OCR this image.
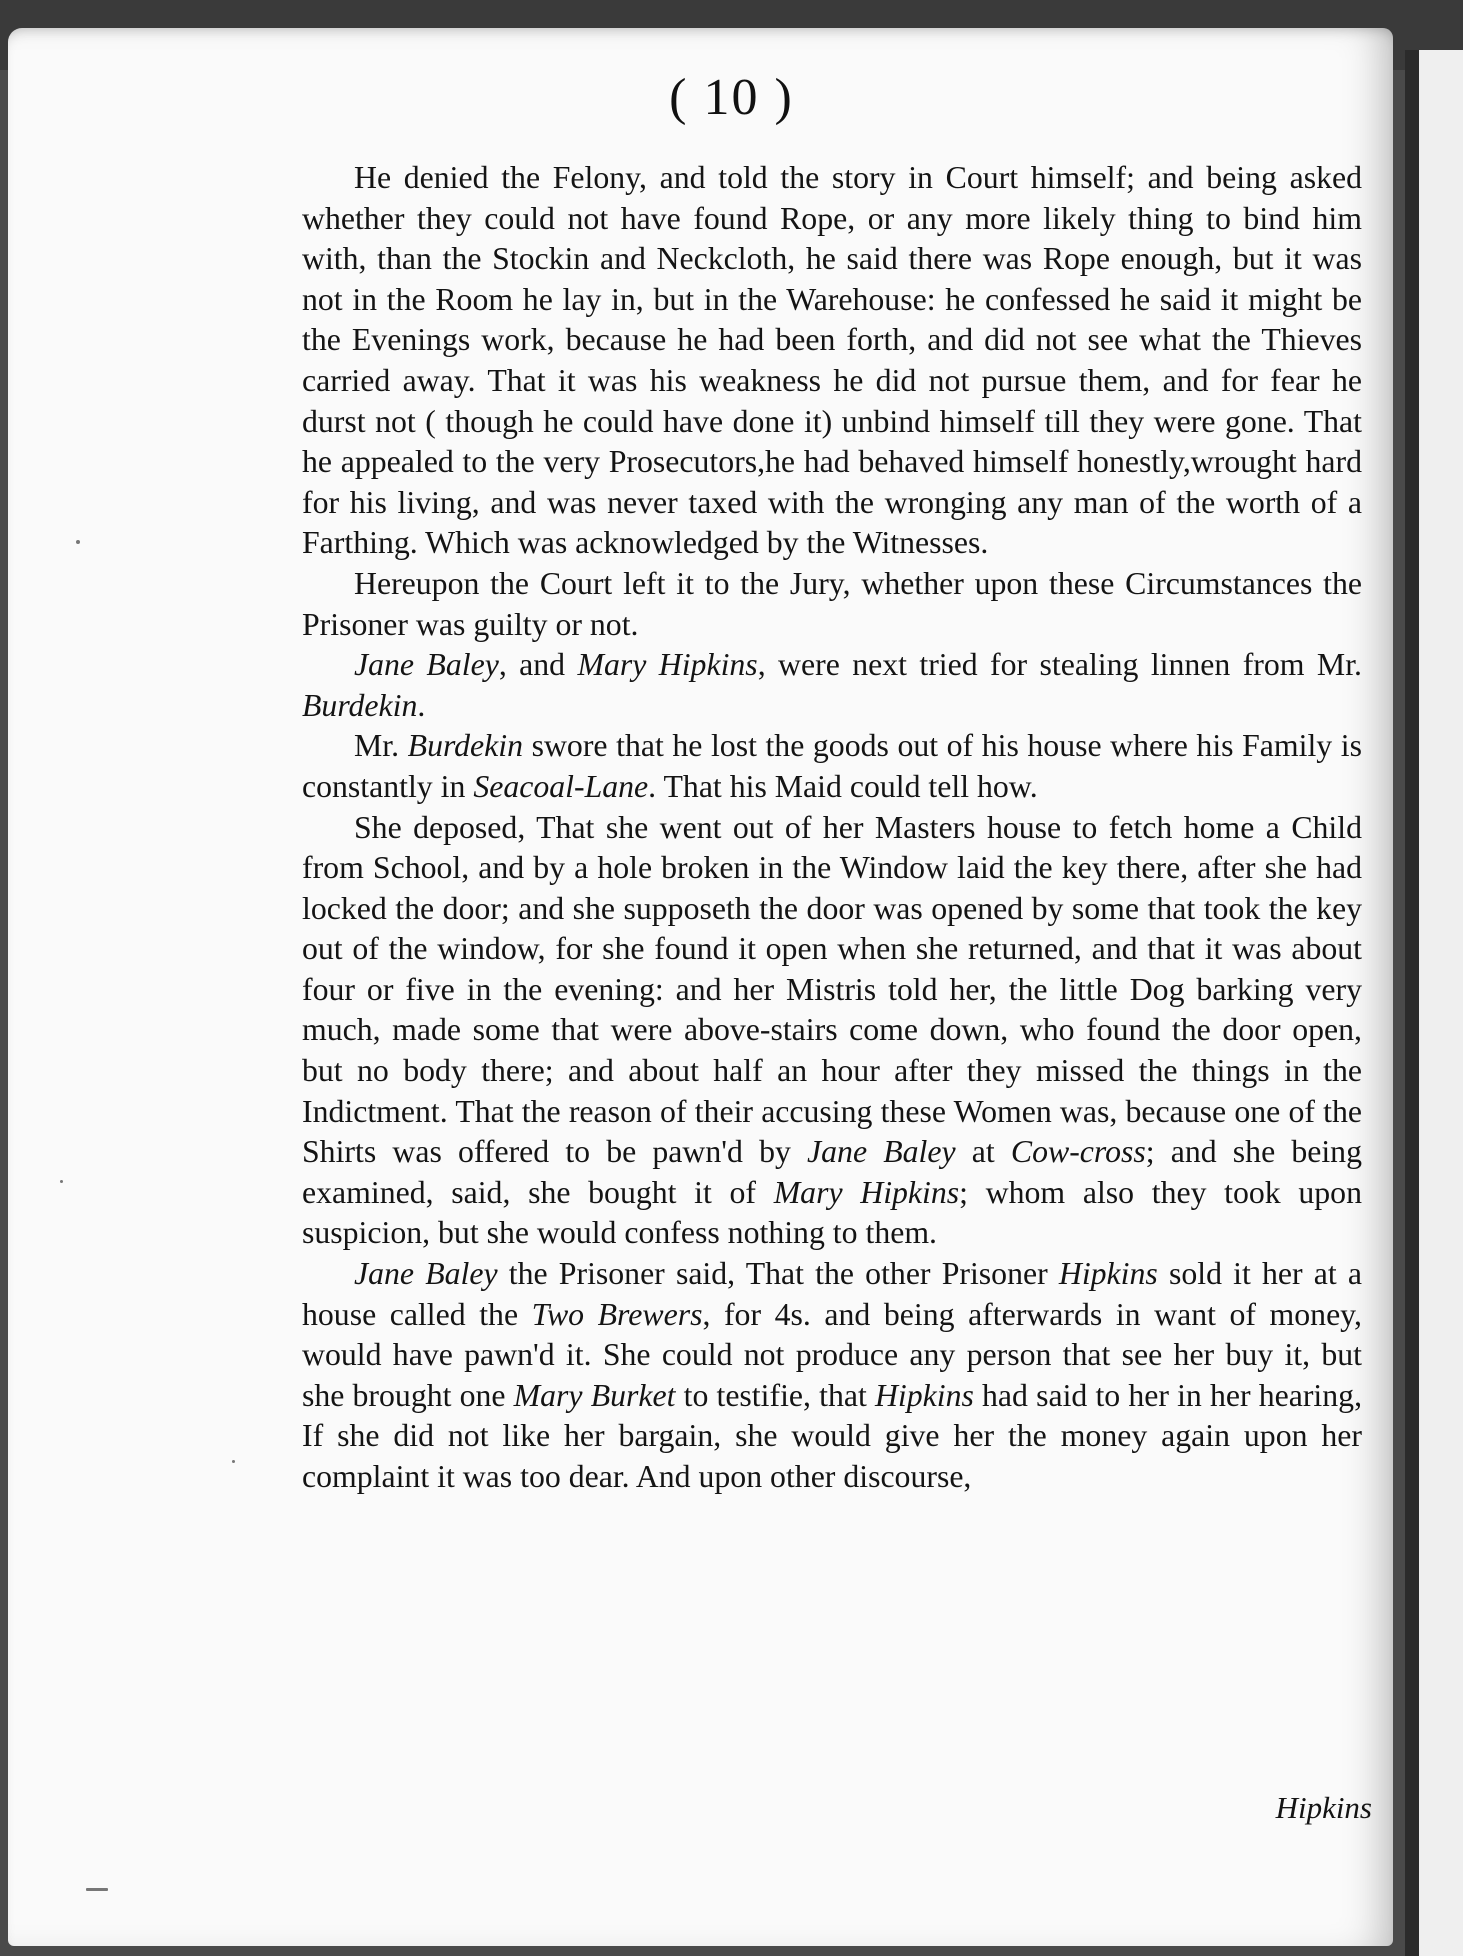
( 10 )

He denied the Felony, and told the story in Court himself; and being asked whether they could not have found Rope, or any more likely thing to bind him with, than the Stockin and Neckcloth, he said there was Rope enough, but it was not in the Room he lay in, but in the Warehouse: he confessed he said it might be the Evenings work, because he had been forth, and did not see what the Thieves carried away. That it was his weakness he did not pursue them, and for fear he durst not ( though he could have done it) unbind himself till they were gone. That he appealed to the very Prosecutors,he had behaved himself honestly,wrought hard for his living, and was never taxed with the wronging any man of the worth of a Farthing. Which was acknowledged by the Witnesses.

Hereupon the Court left it to the Jury, whether upon these Circumstances the Prisoner was guilty or not.

Jane Baley, and Mary Hipkins, were next tried for stealing linnen from Mr. Burdekin.

Mr. Burdekin swore that he lost the goods out of his house where his Family is constantly in Seacoal-Lane. That his Maid could tell how.

She deposed, That she went out of her Masters house to fetch home a Child from School, and by a hole broken in the Window laid the key there, after she had locked the door; and she supposeth the door was opened by some that took the key out of the window, for she found it open when she returned, and that it was about four or five in the evening: and her Mistris told her, the little Dog barking very much, made some that were above-stairs come down, who found the door open, but no body there; and about half an hour after they missed the things in the Indictment. That the reason of their accusing these Women was, because one of the Shirts was offered to be pawn'd by Jane Baley at Cow-cross; and she being examined, said, she bought it of Mary Hipkins; whom also they took upon suspicion, but she would confess nothing to them.

Jane Baley the Prisoner said, That the other Prisoner Hipkins sold it her at a house called the Two Brewers, for 4s. and being afterwards in want of money, would have pawn'd it. She could not produce any person that see her buy it, but she brought one Mary Burket to testifie, that Hipkins had said to her in her hearing, If she did not like her bargain, she would give her the money again upon her complaint it was too dear. And upon other discourse,

Hipkins
